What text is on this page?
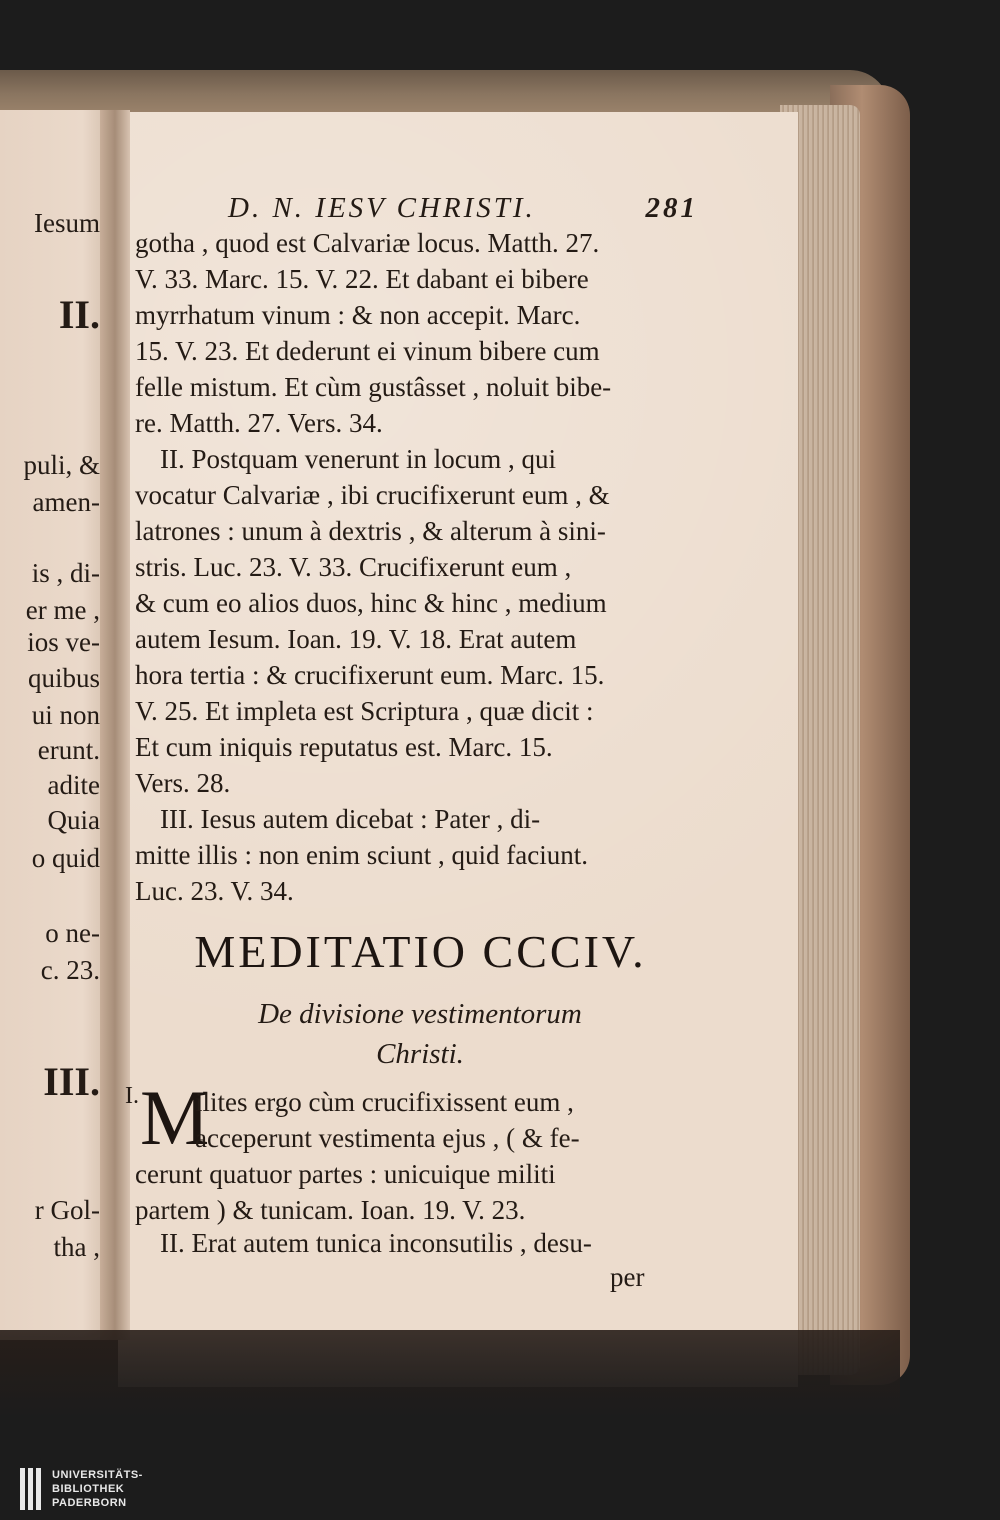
Iesum
II.
puli, &
amen-
is , di-
er me ,
ios ve-
quibus
ui non
erunt.
adite
Quia
o quid
o ne-
c. 23.
III.
r Gol-
tha ,
D. N. IESV CHRISTI.	281
gotha , quod est Calvariæ locus. Matth. 27.
V. 33. Marc. 15. V. 22. Et dabant ei bibere
myrrhatum vinum : & non accepit. Marc.
15. V. 23. Et dederunt ei vinum bibere cum
felle mistum. Et cùm gustâsset , noluit bibe-
re. Matth. 27. Vers. 34.
II. Postquam venerunt in locum , qui
vocatur Calvariæ , ibi crucifixerunt eum , &
latrones : unum à dextris , & alterum à sini-
stris. Luc. 23. V. 33. Crucifixerunt eum ,
& cum eo alios duos, hinc & hinc , medium
autem Iesum. Ioan. 19. V. 18. Erat autem
hora tertia : & crucifixerunt eum. Marc. 15.
V. 25. Et impleta est Scriptura , quæ dicit :
Et cum iniquis reputatus est. Marc. 15.
Vers. 28.
III. Iesus autem dicebat : Pater , di-
mitte illis : non enim sciunt , quid faciunt.
Luc. 23. V. 34.
MEDITATIO CCCIV.
De divisione vestimentorum
Christi.
I. M
ilites ergo cùm crucifixissent eum ,
acceperunt vestimenta ejus , ( & fe-
cerunt quatuor partes : unicuique militi
partem ) & tunicam. Ioan. 19. V. 23.
II. Erat autem tunica inconsutilis , desu-
per
UNIVERSITÄTS-
BIBLIOTHEK
PADERBORN
